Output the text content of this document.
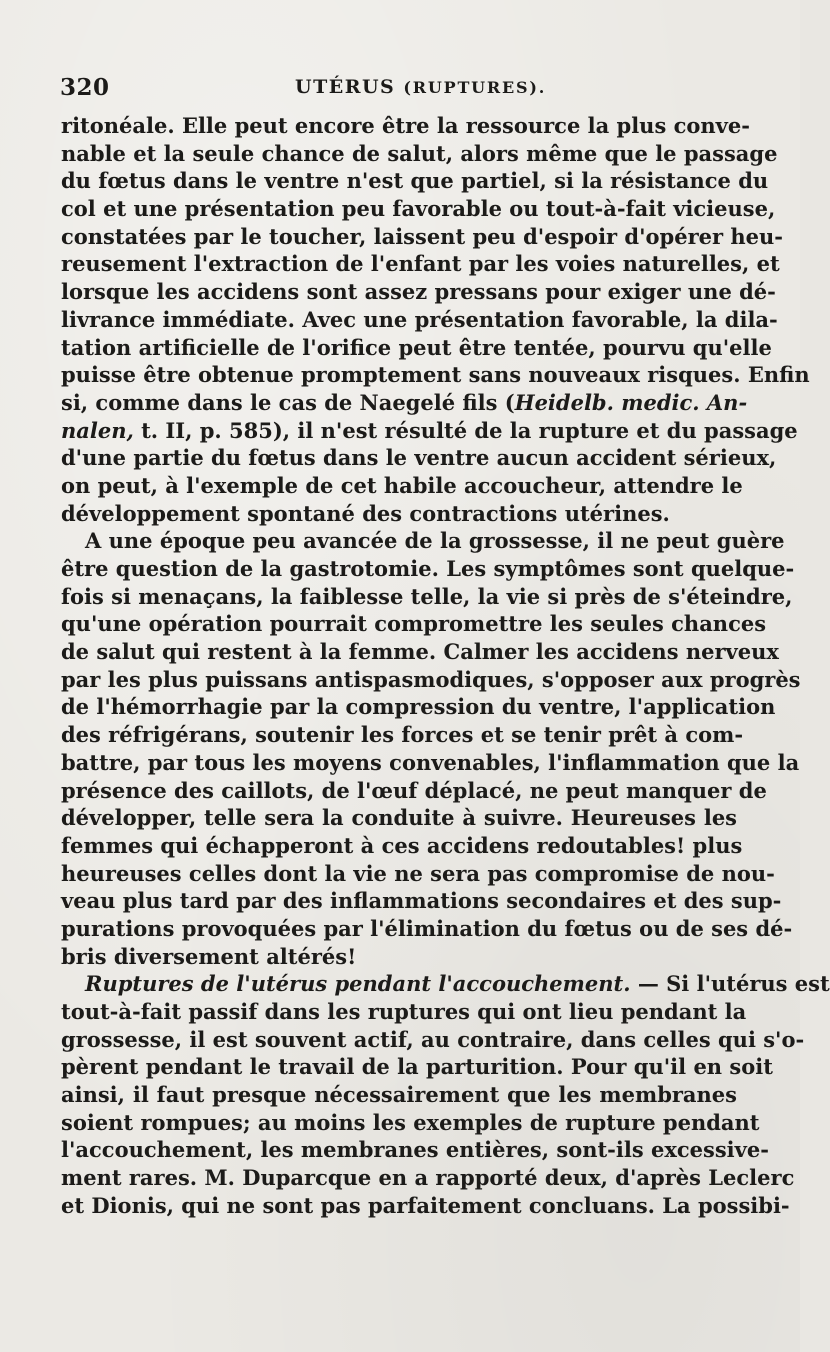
320	UTÉRUS (RUPTURES).
ritonéale. Elle peut encore être la ressource la plus conve-
nable et la seule chance de salut, alors même que le passage
du fœtus dans le ventre n'est que partiel, si la résistance du
col et une présentation peu favorable ou tout-à-fait vicieuse,
constatées par le toucher, laissent peu d'espoir d'opérer heu-
reusement l'extraction de l'enfant par les voies naturelles, et
lorsque les accidens sont assez pressans pour exiger une dé-
livrance immédiate. Avec une présentation favorable, la dila-
tation artificielle de l'orifice peut être tentée, pourvu qu'elle
puisse être obtenue promptement sans nouveaux risques. Enfin
si, comme dans le cas de Naegelé fils (Heidelb. medic. An-
nalen, t. II, p. 585), il n'est résulté de la rupture et du passage
d'une partie du fœtus dans le ventre aucun accident sérieux,
on peut, à l'exemple de cet habile accoucheur, attendre le
développement spontané des contractions utérines.
A une époque peu avancée de la grossesse, il ne peut guère
être question de la gastrotomie. Les symptômes sont quelque-
fois si menaçans, la faiblesse telle, la vie si près de s'éteindre,
qu'une opération pourrait compromettre les seules chances
de salut qui restent à la femme. Calmer les accidens nerveux
par les plus puissans antispasmodiques, s'opposer aux progrès
de l'hémorrhagie par la compression du ventre, l'application
des réfrigérans, soutenir les forces et se tenir prêt à com-
battre, par tous les moyens convenables, l'inflammation que la
présence des caillots, de l'œuf déplacé, ne peut manquer de
développer, telle sera la conduite à suivre. Heureuses les
femmes qui échapperont à ces accidens redoutables! plus
heureuses celles dont la vie ne sera pas compromise de nou-
veau plus tard par des inflammations secondaires et des sup-
purations provoquées par l'élimination du fœtus ou de ses dé-
bris diversement altérés!
Ruptures de l'utérus pendant l'accouchement. — Si l'utérus est
tout-à-fait passif dans les ruptures qui ont lieu pendant la
grossesse, il est souvent actif, au contraire, dans celles qui s'o-
pèrent pendant le travail de la parturition. Pour qu'il en soit
ainsi, il faut presque nécessairement que les membranes
soient rompues; au moins les exemples de rupture pendant
l'accouchement, les membranes entières, sont-ils excessive-
ment rares. M. Duparcque en a rapporté deux, d'après Leclerc
et Dionis, qui ne sont pas parfaitement concluans. La possibi-
